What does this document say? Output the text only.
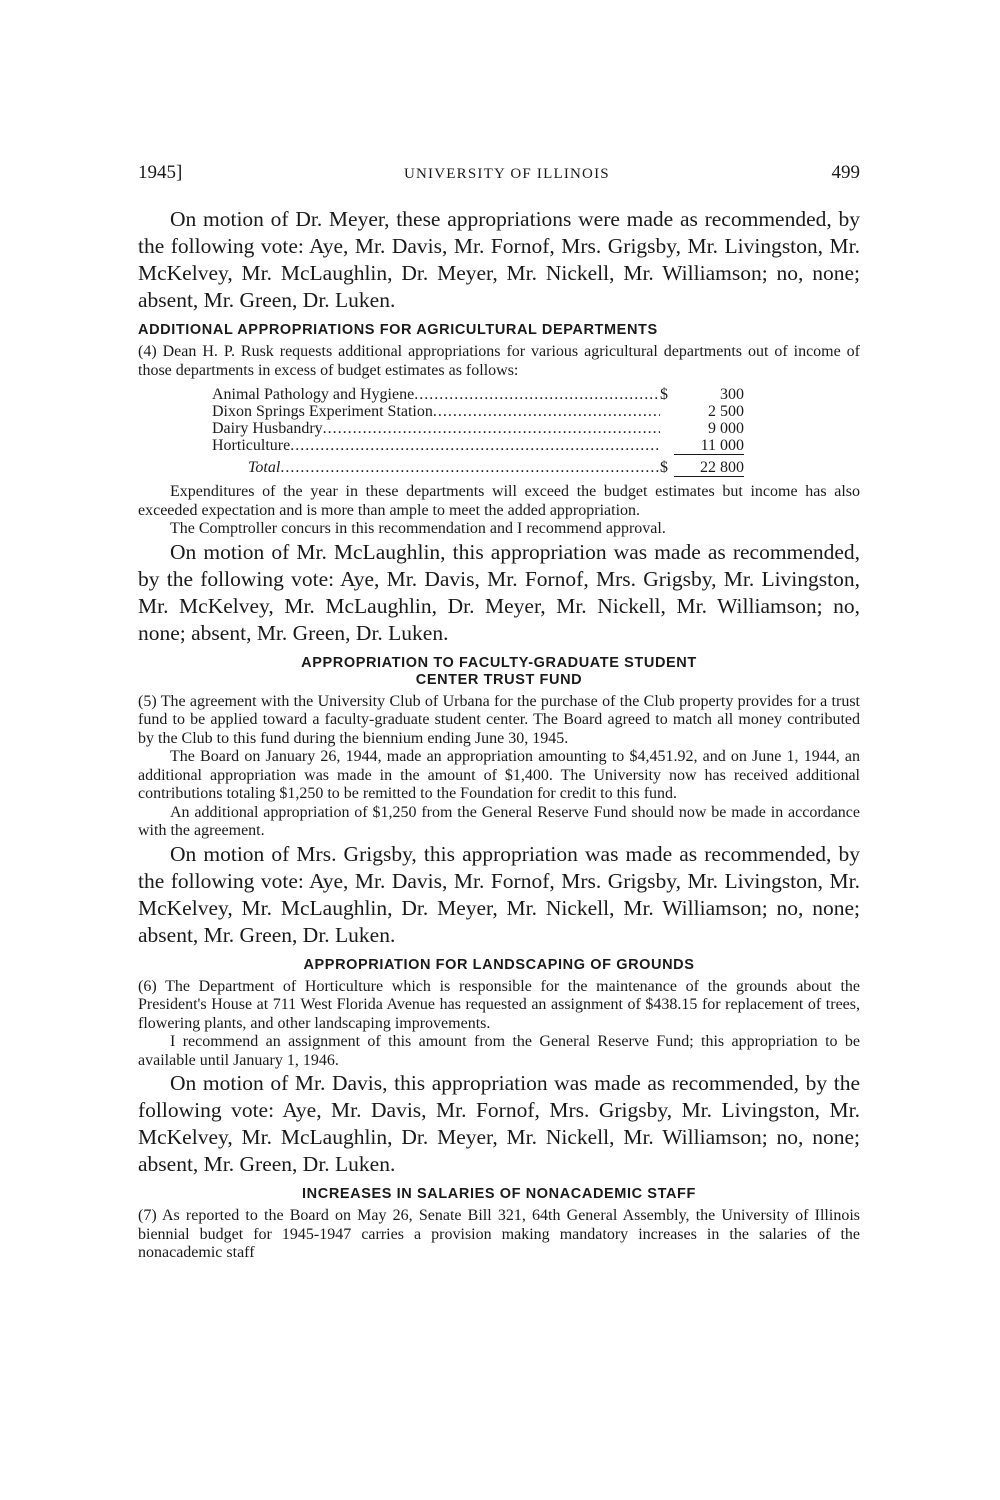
1945]	UNIVERSITY OF ILLINOIS	499

On motion of Dr. Meyer, these appropriations were made as recommended, by the following vote: Aye, Mr. Davis, Mr. Fornof, Mrs. Grigsby, Mr. Livingston, Mr. McKelvey, Mr. McLaughlin, Dr. Meyer, Mr. Nickell, Mr. Williamson; no, none; absent, Mr. Green, Dr. Luken.

ADDITIONAL APPROPRIATIONS FOR AGRICULTURAL DEPARTMENTS

(4) Dean H. P. Rusk requests additional appropriations for various agricultural departments out of income of those departments in excess of budget estimates as follows:

Animal Pathology and Hygiene .....	$	300
Dixon Springs Experiment Station .....	2 500
Dairy Husbandry .....	9 000
Horticulture .....	11 000
Total .....	$	22 800

Expenditures of the year in these departments will exceed the budget estimates but income has also exceeded expectation and is more than ample to meet the added appropriation.

The Comptroller concurs in this recommendation and I recommend approval.

On motion of Mr. McLaughlin, this appropriation was made as recommended, by the following vote: Aye, Mr. Davis, Mr. Fornof, Mrs. Grigsby, Mr. Livingston, Mr. McKelvey, Mr. McLaughlin, Dr. Meyer, Mr. Nickell, Mr. Williamson; no, none; absent, Mr. Green, Dr. Luken.

APPROPRIATION TO FACULTY-GRADUATE STUDENT
CENTER TRUST FUND

(5) The agreement with the University Club of Urbana for the purchase of the Club property provides for a trust fund to be applied toward a faculty-graduate student center. The Board agreed to match all money contributed by the Club to this fund during the biennium ending June 30, 1945.

The Board on January 26, 1944, made an appropriation amounting to $4,451.92, and on June 1, 1944, an additional appropriation was made in the amount of $1,400. The University now has received additional contributions totaling $1,250 to be remitted to the Foundation for credit to this fund.

An additional appropriation of $1,250 from the General Reserve Fund should now be made in accordance with the agreement.

On motion of Mrs. Grigsby, this appropriation was made as recommended, by the following vote: Aye, Mr. Davis, Mr. Fornof, Mrs. Grigsby, Mr. Livingston, Mr. McKelvey, Mr. McLaughlin, Dr. Meyer, Mr. Nickell, Mr. Williamson; no, none; absent, Mr. Green, Dr. Luken.

APPROPRIATION FOR LANDSCAPING OF GROUNDS

(6) The Department of Horticulture which is responsible for the maintenance of the grounds about the President's House at 711 West Florida Avenue has requested an assignment of $438.15 for replacement of trees, flowering plants, and other landscaping improvements.

I recommend an assignment of this amount from the General Reserve Fund; this appropriation to be available until January 1, 1946.

On motion of Mr. Davis, this appropriation was made as recommended, by the following vote: Aye, Mr. Davis, Mr. Fornof, Mrs. Grigsby, Mr. Livingston, Mr. McKelvey, Mr. McLaughlin, Dr. Meyer, Mr. Nickell, Mr. Williamson; no, none; absent, Mr. Green, Dr. Luken.

INCREASES IN SALARIES OF NONACADEMIC STAFF

(7) As reported to the Board on May 26, Senate Bill 321, 64th General Assembly, the University of Illinois biennial budget for 1945-1947 carries a provision making mandatory increases in the salaries of the nonacademic staff
